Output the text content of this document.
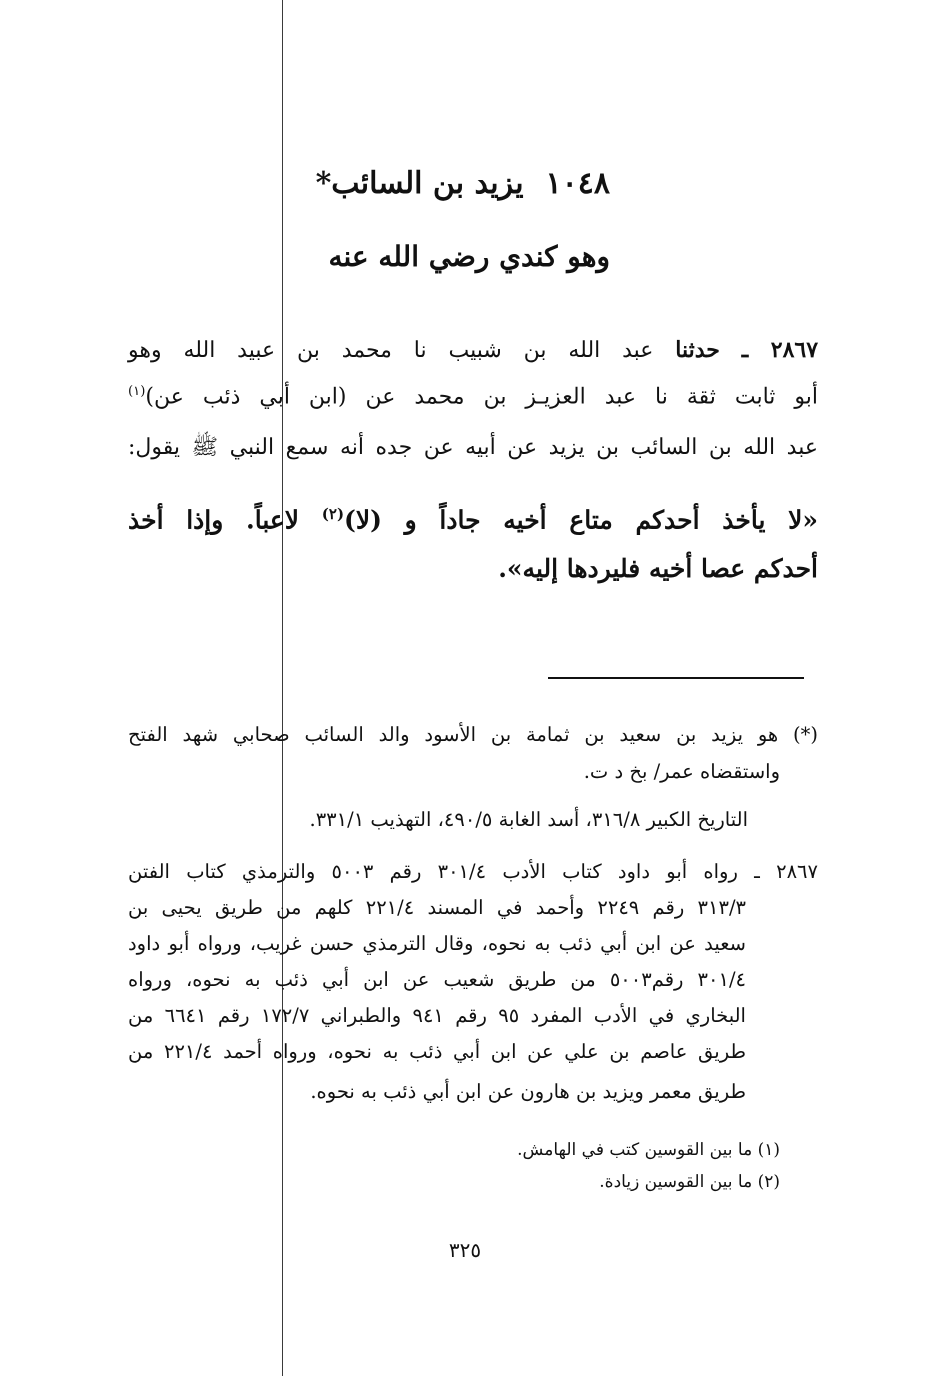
١٠٤٨يزيد بن السائب*
وهو كندي رضي الله عنه
٢٨٦٧ ـ حدثنا عبد الله بن شبيب نا محمد بن عبيد الله وهو
أبو ثابت ثقة نا عبد العزيـز بن محمد عن (ابن أبي ذئب عن)$^{(١)}$
عبد الله بن السائب بن يزيد عن أبيه عن جده أنه سمع النبي ﷺ يقول:
«لا يأخذ أحدكم متاع أخيه جاداً و (لا)$^{(٢)}$ لاعباً. وإذا أخذ
أحدكم عصا أخيه فليردها إليه».
(*) هو يزيد بن سعيد بن ثمامة بن الأسود والد السائب صحابي شهد الفتح
واستقضاه عمر/ بخ د ت.
التاريخ الكبير ٣١٦/٨، أسد الغابة ٤٩٠/٥، التهذيب ٣٣١/١.
٢٨٦٧ ـ رواه أبو داود كتاب الأدب ٣٠١/٤ رقم ٥٠٠٣ والترمذي كتاب الفتن
٣١٣/٣ رقم ٢٢٤٩ وأحمد في المسند ٢٢١/٤ كلهم من طريق يحيى بن
سعيد عن ابن أبي ذئب به نحوه، وقال الترمذي حسن غريب، ورواه أبو داود
٣٠١/٤ رقم٥٠٠٣ من طريق شعيب عن ابن أبي ذئب به نحوه، ورواه
البخاري في الأدب المفرد ٩٥ رقم ٩٤١ والطبراني ١٧٢/٧ رقم ٦٦٤١ من
طريق عاصم بن علي عن ابن أبي ذئب به نحوه، ورواه أحمد ٢٢١/٤ من
طريق معمر ويزيد بن هارون عن ابن أبي ذئب به نحوه.
(١) ما بين القوسين كتب في الهامش.
(٢) ما بين القوسين زيادة.
٣٢٥
